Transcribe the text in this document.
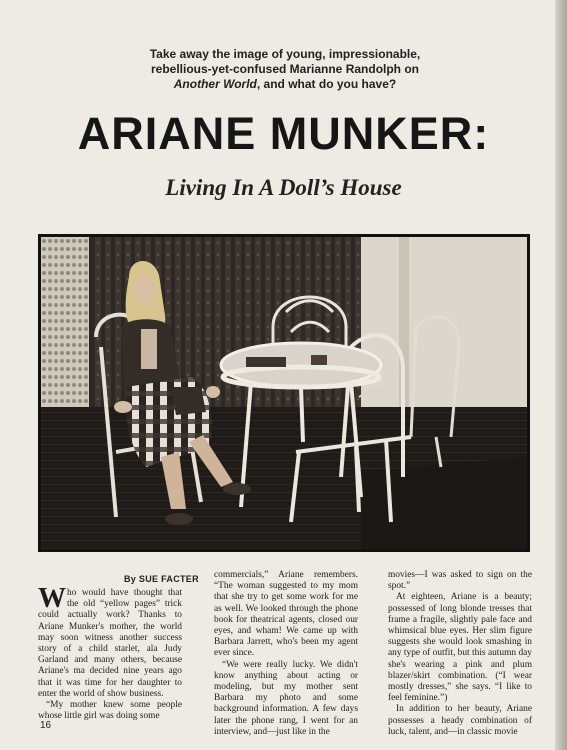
Take away the image of young, impressionable,
rebellious-yet-confused Marianne Randolph on
Another World, and what do you have?
ARIANE MUNKER:
Living In A Doll’s House
By SUE FACTER

Who would have thought that the old “yellow pages” trick could actually work? Thanks to Ariane Munker's mother, the world may soon witness another success story of a child starlet, ala Judy Garland and many others, because Ariane's ma decided nine years ago that it was time for her daughter to enter the world of show business.

“My mother knew some people whose little girl was doing some

commercials,” Ariane remembers. “The woman suggested to my mom that she try to get some work for me as well. We looked through the phone book for theatrical agents, closed our eyes, and wham! We came up with Barbara Jarrett, who's been my agent ever since.

“We were really lucky. We didn't know anything about acting or modeling, but my mother sent Barbara my photo and some background information. A few days later the phone rang, I went for an interview, and—just like in the

movies—I was asked to sign on the spot.”

At eighteen, Ariane is a beauty; possessed of long blonde tresses that frame a fragile, slightly pale face and whimsical blue eyes. Her slim figure suggests she would look smashing in any type of outfit, but this autumn day she's wearing a pink and plum blazer/skirt combination. (“I wear mostly dresses,” she says. “I like to feel feminine.”)

In addition to her beauty, Ariane possesses a heady combination of luck, talent, and—in classic movie

16
